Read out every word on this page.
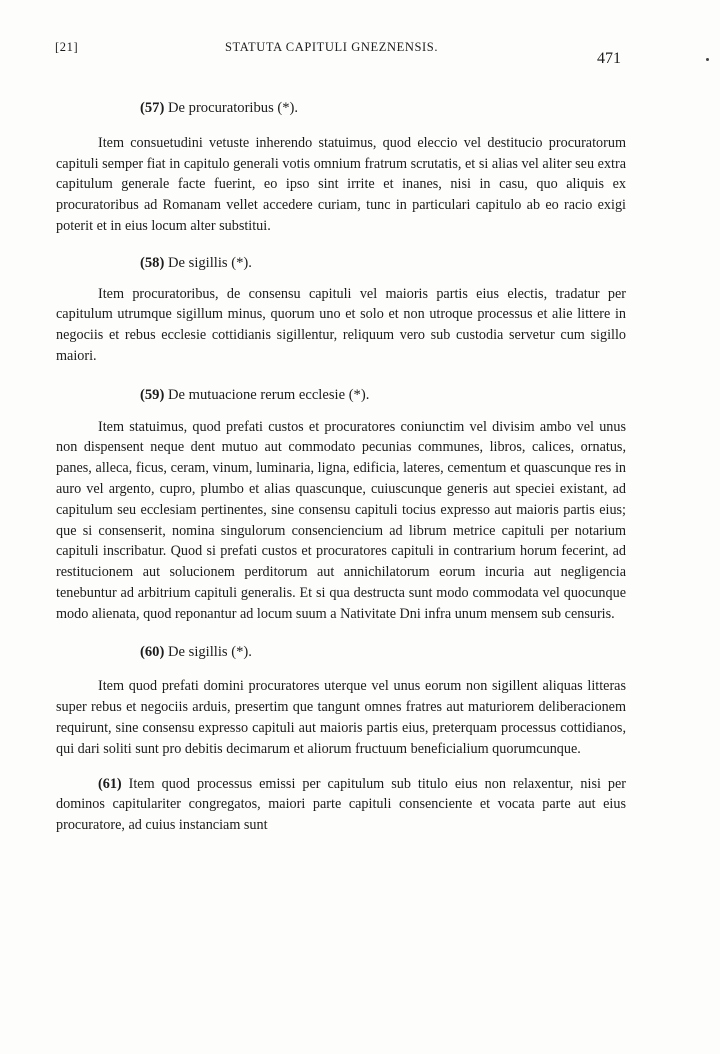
[21]	STATUTA CAPITULI GNEZNENSIS.
471

(57) De procuratoribus (*).

Item consuetudini vetuste inherendo statuimus, quod eleccio vel destitucio procuratorum capituli semper fiat in capitulo generali votis omnium fratrum scrutatis, et si alias vel aliter seu extra capitulum generale facte fuerint, eo ipso sint irrite et inanes, nisi in casu, quo aliquis ex procuratoribus ad Romanam vellet accedere curiam, tunc in particulari capitulo ab eo racio exigi poterit et in eius locum alter substitui.

(58) De sigillis (*).

Item procuratoribus, de consensu capituli vel maioris partis eius electis, tradatur per capitulum utrumque sigillum minus, quorum uno et solo et non utroque processus et alie littere in negociis et rebus ecclesie cottidianis sigillentur, reliquum vero sub custodia servetur cum sigillo maiori.

(59) De mutuacione rerum ecclesie (*).

Item statuimus, quod prefati custos et procuratores coniunctim vel divisim ambo vel unus non dispensent neque dent mutuo aut commodato pecunias communes, libros, calices, ornatus, panes, alleca, ficus, ceram, vinum, luminaria, ligna, edificia, lateres, cementum et quascunque res in auro vel argento, cupro, plumbo et alias quascunque, cuiuscunque generis aut speciei existant, ad capitulum seu ecclesiam pertinentes, sine consensu capituli tocius expresso aut maioris partis eius; que si consenserit, nomina singulorum consenciencium ad librum metrice capituli per notarium capituli inscribatur. Quod si prefati custos et procuratores capituli in contrarium horum fecerint, ad restitucionem aut solucionem perditorum aut annichilatorum eorum incuria aut negligencia tenebuntur ad arbitrium capituli generalis. Et si qua destructa sunt modo commodata vel quocunque modo alienata, quod reponantur ad locum suum a Nativitate Dni infra unum mensem sub censuris.

(60) De sigillis (*).

Item quod prefati domini procuratores uterque vel unus eorum non sigillent aliquas litteras super rebus et negociis arduis, presertim que tangunt omnes fratres aut maturiorem deliberacionem requirunt, sine consensu expresso capituli aut maioris partis eius, preterquam processus cottidianos, qui dari soliti sunt pro debitis decimarum et aliorum fructuum beneficialium quorumcunque.

(61) Item quod processus emissi per capitulum sub titulo eius non relaxentur, nisi per dominos capitulariter congregatos, maiori parte capituli consenciente et vocata parte aut eius procuratore, ad cuius instanciam sunt
